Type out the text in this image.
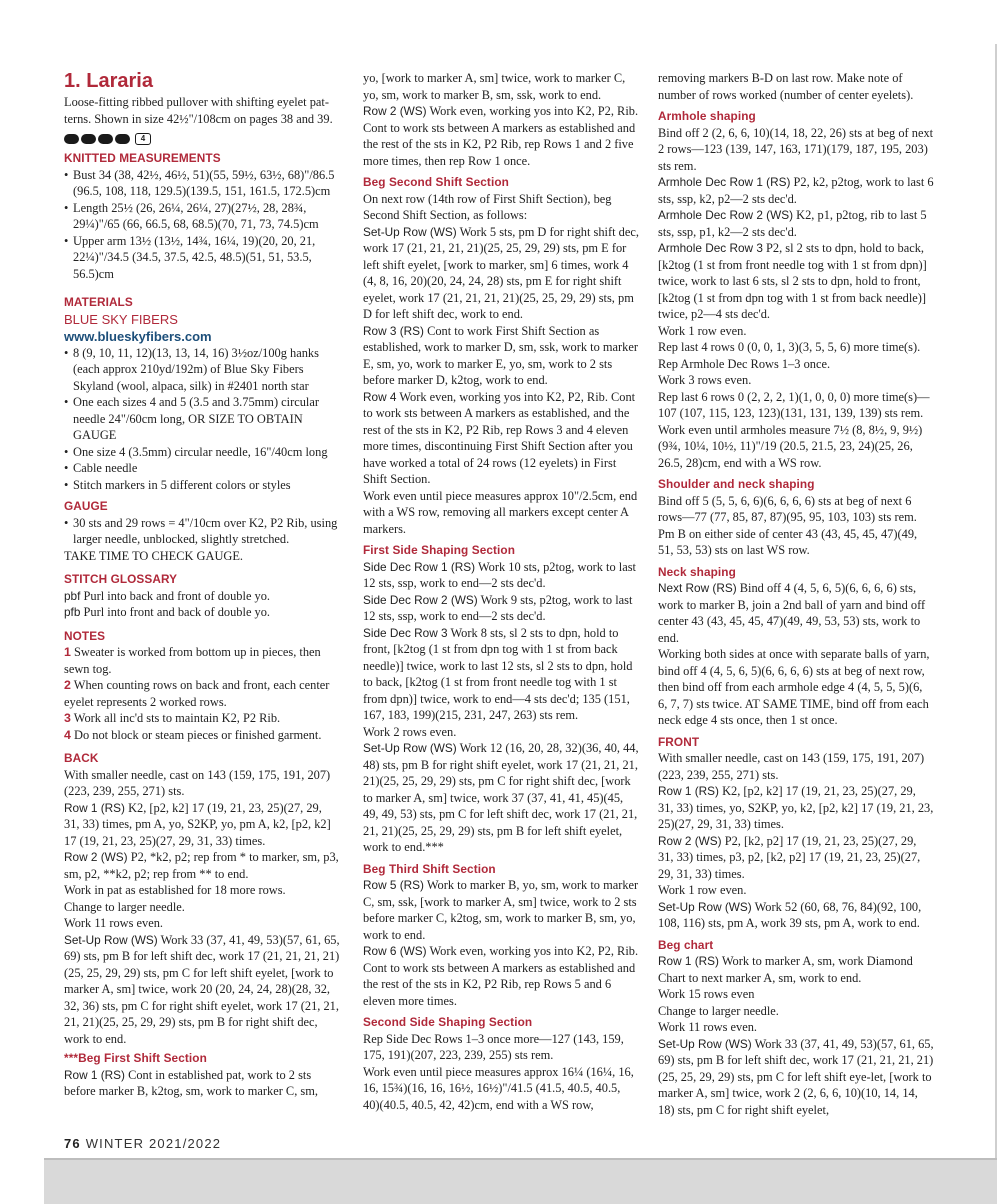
1. Lararia

Loose-fitting ribbed pullover with shifting eyelet pat-terns. Shown in size 42½"/108cm on pages 38 and 39.

4
KNITTED MEASUREMENTS
• Bust 34 (38, 42½, 46½, 51)(55, 59½, 63½, 68)"/86.5 (96.5, 108, 118, 129.5)(139.5, 151, 161.5, 172.5)cm
• Length 25½ (26, 26¼, 26¼, 27)(27½, 28, 28¾, 29¼)"/65 (66, 66.5, 68, 68.5)(70, 71, 73, 74.5)cm
• Upper arm 13½ (13½, 14¾, 16¼, 19)(20, 20, 21, 22¼)"/34.5 (34.5, 37.5, 42.5, 48.5)(51, 51, 53.5, 56.5)cm
MATERIALS

BLUE SKY FIBERS

www.blueskyfibers.com

• 8 (9, 10, 11, 12)(13, 13, 14, 16) 3½oz/100g hanks (each approx 210yd/192m) of Blue Sky Fibers Skyland (wool, alpaca, silk) in #2401 north star
• One each sizes 4 and 5 (3.5 and 3.75mm) circular needle 24"/60cm long, OR SIZE TO OBTAIN GAUGE
• One size 4 (3.5mm) circular needle, 16"/40cm long
• Cable needle
• Stitch markers in 5 different colors or styles
GAUGE
• 30 sts and 29 rows = 4"/10cm over K2, P2 Rib, using larger needle, unblocked, slightly stretched.

TAKE TIME TO CHECK GAUGE.

STITCH GLOSSARY

pbf Purl into back and front of double yo.

pfb Purl into front and back of double yo.

NOTES

1 Sweater is worked from bottom up in pieces, then sewn tog.

2 When counting rows on back and front, each center eyelet represents 2 worked rows.

3 Work all inc'd sts to maintain K2, P2 Rib.

4 Do not block or steam pieces or finished garment.

BACK

With smaller needle, cast on 143 (159, 175, 191, 207)(223, 239, 255, 271) sts.

Row 1 (RS) K2, [p2, k2] 17 (19, 21, 23, 25)(27, 29, 31, 33) times, pm A, yo, S2KP, yo, pm A, k2, [p2, k2] 17 (19, 21, 23, 25)(27, 29, 31, 33) times.

Row 2 (WS) P2, *k2, p2; rep from * to marker, sm, p3, sm, p2, **k2, p2; rep from ** to end.

Work in pat as established for 18 more rows.

Change to larger needle.

Work 11 rows even.

Set-Up Row (WS) Work 33 (37, 41, 49, 53)(57, 61, 65, 69) sts, pm B for left shift dec, work 17 (21, 21, 21, 21)(25, 25, 29, 29) sts, pm C for left shift eyelet, [work to marker A, sm] twice, work 20 (20, 24, 24, 28)(28, 32, 32, 36) sts, pm C for right shift eyelet, work 17 (21, 21, 21, 21)(25, 25, 29, 29) sts, pm B for right shift dec, work to end.

***Beg First Shift Section

Row 1 (RS) Cont in established pat, work to 2 sts before marker B, k2tog, sm, work to marker C, sm,

yo, [work to marker A, sm] twice, work to marker C, yo, sm, work to marker B, sm, ssk, work to end.

Row 2 (WS) Work even, working yos into K2, P2, Rib. Cont to work sts between A markers as established and the rest of the sts in K2, P2 Rib, rep Rows 1 and 2 five more times, then rep Row 1 once.

Beg Second Shift Section

On next row (14th row of First Shift Section), beg Second Shift Section, as follows:

Set-Up Row (WS) Work 5 sts, pm D for right shift dec, work 17 (21, 21, 21, 21)(25, 25, 29, 29) sts, pm E for left shift eyelet, [work to marker, sm] 6 times, work 4 (4, 8, 16, 20)(20, 24, 24, 28) sts, pm E for right shift eyelet, work 17 (21, 21, 21, 21)(25, 25, 29, 29) sts, pm D for left shift dec, work to end.

Row 3 (RS) Cont to work First Shift Section as established, work to marker D, sm, ssk, work to marker E, sm, yo, work to marker E, yo, sm, work to 2 sts before marker D, k2tog, work to end.

Row 4 Work even, working yos into K2, P2, Rib. Cont to work sts between A markers as established, and the rest of the sts in K2, P2 Rib, rep Rows 3 and 4 eleven more times, discontinuing First Shift Section after you have worked a total of 24 rows (12 eyelets) in First Shift Section.

Work even until piece measures approx 10"/2.5cm, end with a WS row, removing all markers except center A markers.

First Side Shaping Section

Side Dec Row 1 (RS) Work 10 sts, p2tog, work to last 12 sts, ssp, work to end—2 sts dec'd.

Side Dec Row 2 (WS) Work 9 sts, p2tog, work to last 12 sts, ssp, work to end—2 sts dec'd.

Side Dec Row 3 Work 8 sts, sl 2 sts to dpn, hold to front, [k2tog (1 st from dpn tog with 1 st from back needle)] twice, work to last 12 sts, sl 2 sts to dpn, hold to back, [k2tog (1 st from front needle tog with 1 st from dpn)] twice, work to end—4 sts dec'd; 135 (151, 167, 183, 199)(215, 231, 247, 263) sts rem.

Work 2 rows even.

Set-Up Row (WS) Work 12 (16, 20, 28, 32)(36, 40, 44, 48) sts, pm B for right shift eyelet, work 17 (21, 21, 21, 21)(25, 25, 29, 29) sts, pm C for right shift dec, [work to marker A, sm] twice, work 37 (37, 41, 41, 45)(45, 49, 49, 53) sts, pm C for left shift dec, work 17 (21, 21, 21, 21)(25, 25, 29, 29) sts, pm B for left shift eyelet, work to end.***

Beg Third Shift Section

Row 5 (RS) Work to marker B, yo, sm, work to marker C, sm, ssk, [work to marker A, sm] twice, work to 2 sts before marker C, k2tog, sm, work to marker B, sm, yo, work to end.

Row 6 (WS) Work even, working yos into K2, P2, Rib. Cont to work sts between A markers as established and the rest of the sts in K2, P2 Rib, rep Rows 5 and 6 eleven more times.

Second Side Shaping Section

Rep Side Dec Rows 1–3 once more—127 (143, 159, 175, 191)(207, 223, 239, 255) sts rem.

Work even until piece measures approx 16¼ (16¼, 16, 16, 15¾)(16, 16, 16½, 16½)"/41.5 (41.5, 40.5, 40.5, 40)(40.5, 40.5, 42, 42)cm, end with a WS row,

removing markers B-D on last row. Make note of number of rows worked (number of center eyelets).

Armhole shaping

Bind off 2 (2, 6, 6, 10)(14, 18, 22, 26) sts at beg of next 2 rows—123 (139, 147, 163, 171)(179, 187, 195, 203) sts rem.

Armhole Dec Row 1 (RS) P2, k2, p2tog, work to last 6 sts, ssp, k2, p2—2 sts dec'd.

Armhole Dec Row 2 (WS) K2, p1, p2tog, rib to last 5 sts, ssp, p1, k2—2 sts dec'd.

Armhole Dec Row 3 P2, sl 2 sts to dpn, hold to back, [k2tog (1 st from front needle tog with 1 st from dpn)] twice, work to last 6 sts, sl 2 sts to dpn, hold to front, [k2tog (1 st from dpn tog with 1 st from back needle)] twice, p2—4 sts dec'd.

Work 1 row even.

Rep last 4 rows 0 (0, 0, 1, 3)(3, 5, 5, 6) more time(s). Rep Armhole Dec Rows 1–3 once.

Work 3 rows even.

Rep last 6 rows 0 (2, 2, 2, 1)(1, 0, 0, 0) more time(s)—107 (107, 115, 123, 123)(131, 131, 139, 139) sts rem.

Work even until armholes measure 7½ (8, 8½, 9, 9½)(9¾, 10¼, 10½, 11)"/19 (20.5, 21.5, 23, 24)(25, 26, 26.5, 28)cm, end with a WS row.

Shoulder and neck shaping

Bind off 5 (5, 5, 6, 6)(6, 6, 6, 6) sts at beg of next 6 rows—77 (77, 85, 87, 87)(95, 95, 103, 103) sts rem. Pm B on either side of center 43 (43, 45, 45, 47)(49, 51, 53, 53) sts on last WS row.

Neck shaping

Next Row (RS) Bind off 4 (4, 5, 6, 5)(6, 6, 6, 6) sts, work to marker B, join a 2nd ball of yarn and bind off center 43 (43, 45, 45, 47)(49, 49, 53, 53) sts, work to end.

Working both sides at once with separate balls of yarn, bind off 4 (4, 5, 6, 5)(6, 6, 6, 6) sts at beg of next row, then bind off from each armhole edge 4 (4, 5, 5, 5)(6, 6, 7, 7) sts twice. AT SAME TIME, bind off from each neck edge 4 sts once, then 1 st once.

FRONT

With smaller needle, cast on 143 (159, 175, 191, 207)(223, 239, 255, 271) sts.

Row 1 (RS) K2, [p2, k2] 17 (19, 21, 23, 25)(27, 29, 31, 33) times, yo, S2KP, yo, k2, [p2, k2] 17 (19, 21, 23, 25)(27, 29, 31, 33) times.

Row 2 (WS) P2, [k2, p2] 17 (19, 21, 23, 25)(27, 29, 31, 33) times, p3, p2, [k2, p2] 17 (19, 21, 23, 25)(27, 29, 31, 33) times.

Work 1 row even.

Set-Up Row (WS) Work 52 (60, 68, 76, 84)(92, 100, 108, 116) sts, pm A, work 39 sts, pm A, work to end.

Beg chart

Row 1 (RS) Work to marker A, sm, work Diamond Chart to next marker A, sm, work to end.

Work 15 rows even

Change to larger needle.

Work 11 rows even.

Set-Up Row (WS) Work 33 (37, 41, 49, 53)(57, 61, 65, 69) sts, pm B for left shift dec, work 17 (21, 21, 21, 21)(25, 25, 29, 29) sts, pm C for left shift eye-let, [work to marker A, sm] twice, work 2 (2, 6, 6, 10)(10, 14, 14, 18) sts, pm C for right shift eyelet,

76 WINTER 2021/2022
